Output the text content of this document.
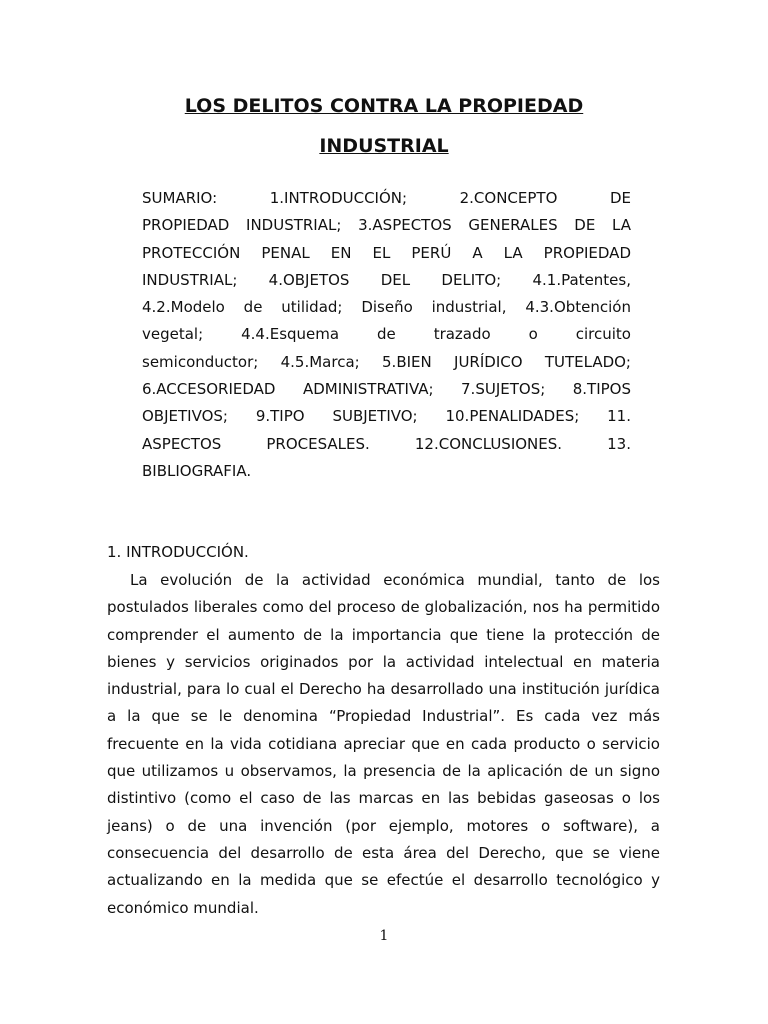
LOS DELITOS CONTRA LA PROPIEDAD
INDUSTRIAL

SUMARIO: 1.INTRODUCCIÓN; 2.CONCEPTO DE
PROPIEDAD INDUSTRIAL; 3.ASPECTOS GENERALES DE LA
PROTECCIÓN PENAL EN EL PERÚ A LA PROPIEDAD
INDUSTRIAL; 4.OBJETOS DEL DELITO; 4.1.Patentes,
4.2.Modelo de utilidad; Diseño industrial, 4.3.Obtención
vegetal; 4.4.Esquema de trazado o circuito
semiconductor; 4.5.Marca; 5.BIEN JURÍDICO TUTELADO;
6.ACCESORIEDAD ADMINISTRATIVA; 7.SUJETOS; 8.TIPOS
OBJETIVOS; 9.TIPO SUBJETIVO; 10.PENALIDADES; 11.
ASPECTOS PROCESALES. 12.CONCLUSIONES. 13.
BIBLIOGRAFIA.

1. INTRODUCCIÓN.

La evolución de la actividad económica mundial, tanto de los
postulados liberales como del proceso de globalización, nos ha permitido
comprender el aumento de la importancia que tiene la protección de
bienes y servicios originados por la actividad intelectual en materia
industrial, para lo cual el Derecho ha desarrollado una institución jurídica
a la que se le denomina “Propiedad Industrial”. Es cada vez más
frecuente en la vida cotidiana apreciar que en cada producto o servicio
que utilizamos u observamos, la presencia de la aplicación de un signo
distintivo (como el caso de las marcas en las bebidas gaseosas o los
jeans) o de una invención (por ejemplo, motores o software), a
consecuencia del desarrollo de esta área del Derecho, que se viene
actualizando en la medida que se efectúe el desarrollo tecnológico y
económico mundial.

1
